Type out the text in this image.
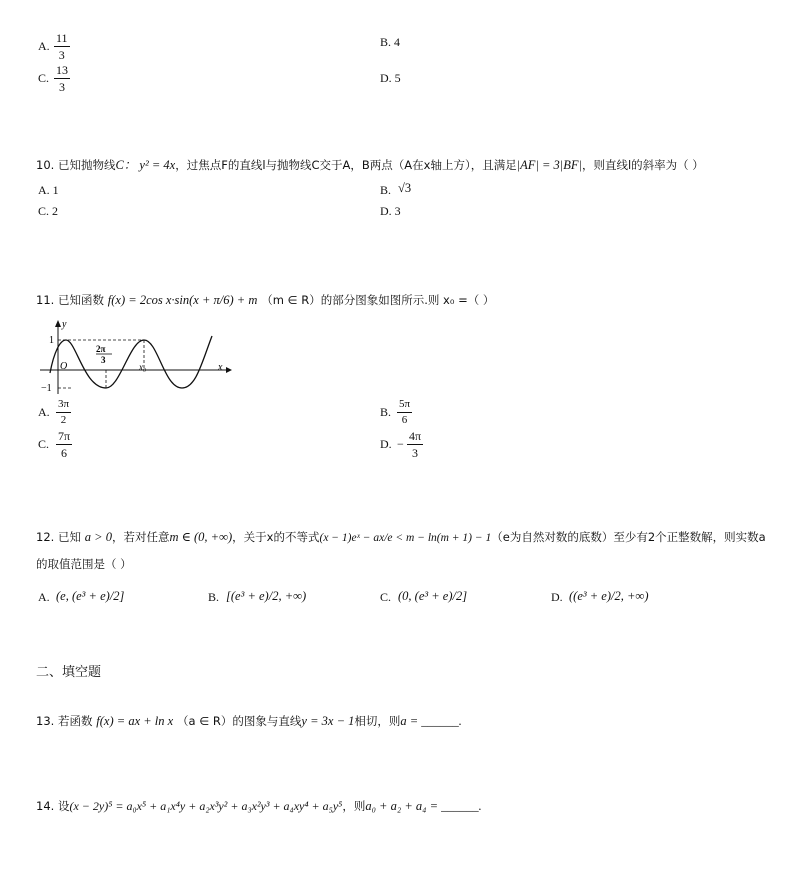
A. $\frac{11}{3}$	B. 4
C. $\frac{13}{3}$	D. 5
10. 已知抛物线C： y² = 4x，过焦点F的直线l与抛物线C交于A，B两点（A在x轴上方），且满足|AF| = 3|BF|，则直线l的斜率为（ ）
A. 1	B. √3
C. 2	D. 3
11. 已知函数 f(x) = 2cos x·sin(x + π/6) + m （m ∈ R）的部分图象如图所示.则 x₀ =（ ）
y
x
1
−1
O
2π
3
x₀
A. $\frac{3\pi}{2}$	B. $\frac{5\pi}{6}$
C. $\frac{7\pi}{6}$	D. − $\frac{4\pi}{3}$
12. 已知 a > 0，若对任意m ∈ (0, +∞)，关于x的不等式(x − 1)eˣ − ax/e < m − ln(m + 1) − 1（e为自然对数的底数）至少有2个正整数解，则实数a
的取值范围是（ ）
A. (e, (e³ + e)/2]	B. [(e³ + e)/2, +∞)	C. (0, (e³ + e)/2]	D. ((e³ + e)/2, +∞)
二、填空题
13. 若函数 f(x) = ax + ln x （a ∈ R）的图象与直线y = 3x − 1相切，则a = ______.
14. 设(x − 2y)⁵ = a₀x⁵ + a₁x⁴y + a₂x³y² + a₃x²y³ + a₄xy⁴ + a₅y⁵，则a₀ + a₂ + a₄ = ______.
